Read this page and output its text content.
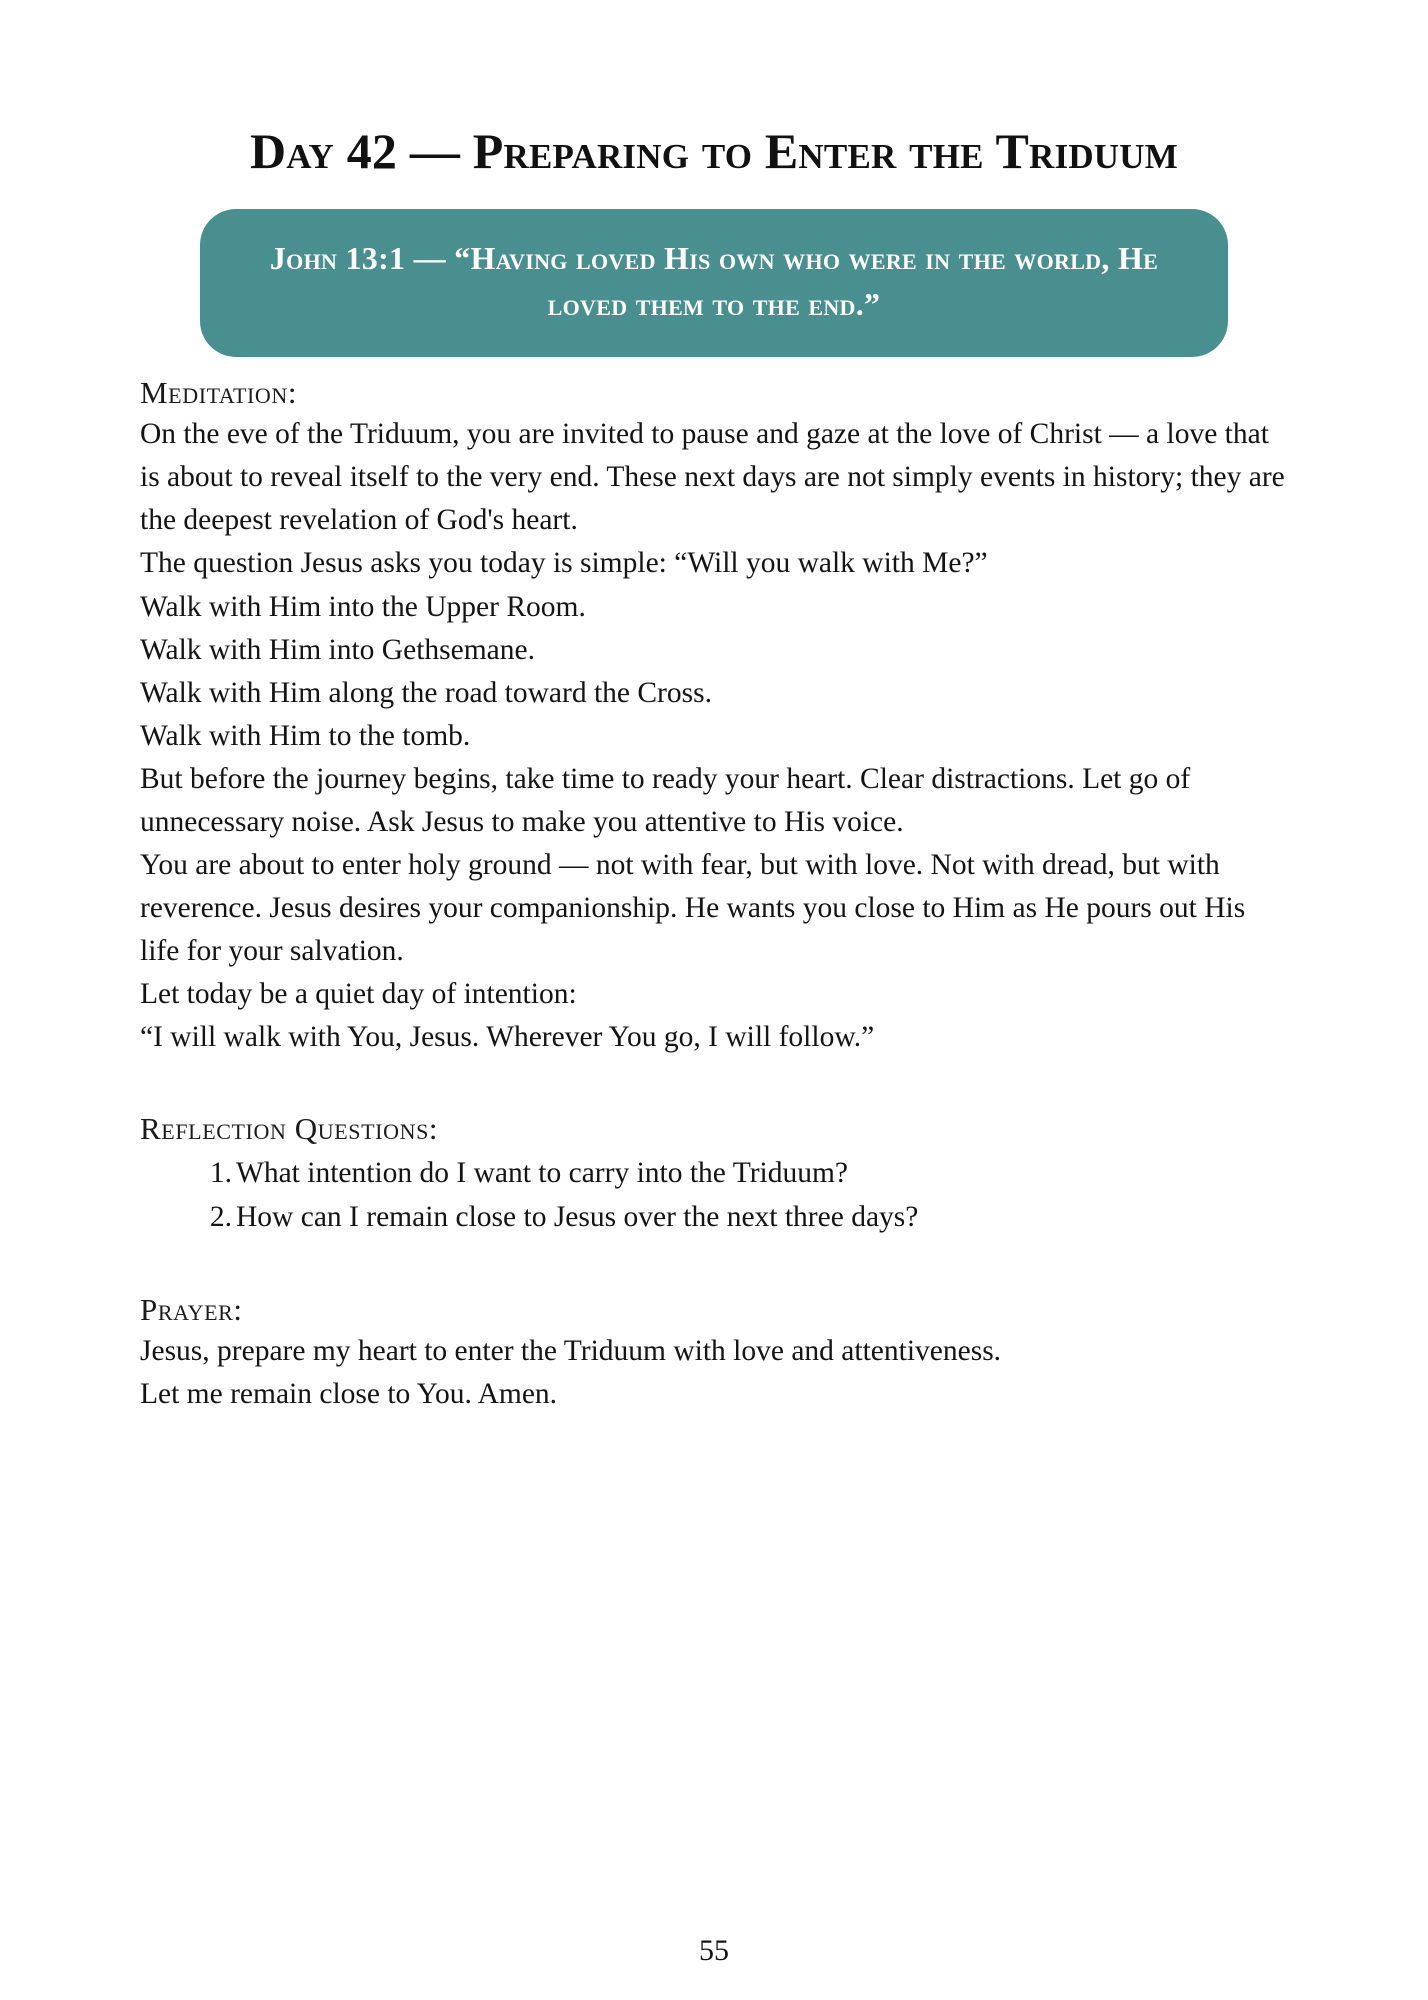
Day 42 — Preparing to Enter the Triduum
John 13:1 — “Having loved His own who were in the world, He loved them to the end.”
Meditation:

On the eve of the Triduum, you are invited to pause and gaze at the love of Christ — a love that is about to reveal itself to the very end. These next days are not simply events in history; they are the deepest revelation of God's heart.

The question Jesus asks you today is simple: “Will you walk with Me?”

Walk with Him into the Upper Room.

Walk with Him into Gethsemane.

Walk with Him along the road toward the Cross.

Walk with Him to the tomb.

But before the journey begins, take time to ready your heart. Clear distractions. Let go of unnecessary noise. Ask Jesus to make you attentive to His voice.

You are about to enter holy ground — not with fear, but with love. Not with dread, but with reverence. Jesus desires your companionship. He wants you close to Him as He pours out His life for your salvation.

Let today be a quiet day of intention:

“I will walk with You, Jesus. Wherever You go, I will follow.”

Reflection Questions:
What intention do I want to carry into the Triduum?
How can I remain close to Jesus over the next three days?
Prayer:

Jesus, prepare my heart to enter the Triduum with love and attentiveness.

Let me remain close to You. Amen.

55
